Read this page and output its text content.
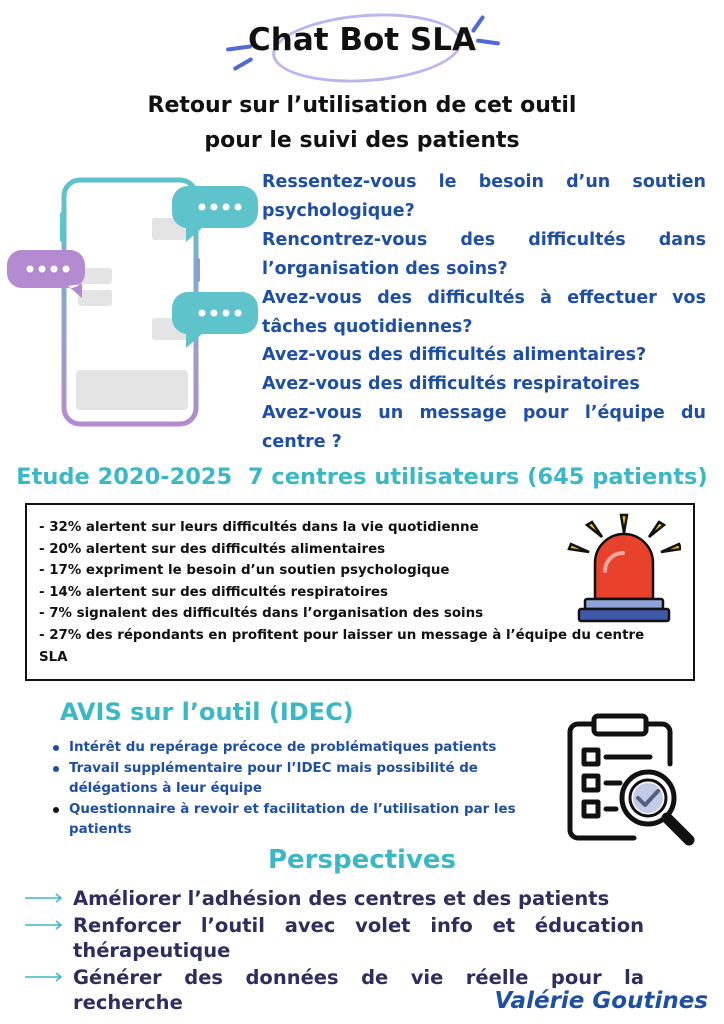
Chat Bot SLA
Retour sur l’utilisation de cet outil
pour le suivi des patients

Ressentez-vous le besoin d’un soutien psychologique?

Rencontrez-vous des difficultés dans l’organisation des soins?

Avez-vous des difficultés à effectuer vos tâches quotidiennes?

Avez-vous des difficultés alimentaires?

Avez-vous des difficultés respiratoires

Avez-vous un message pour l’équipe du centre ?

Etude 2020-2025  7 centres utilisateurs (645 patients)
- 32% alertent sur leurs difficultés dans la vie quotidienne
- 20% alertent sur des difficultés alimentaires
- 17% expriment le besoin d’un soutien psychologique
- 14% alertent sur des difficultés respiratoires
- 7% signalent des difficultés dans l’organisation des soins
- 27% des répondants en profitent pour laisser un message à l’équipe du centre SLA
AVIS sur l’outil (IDEC)
Intérêt du repérage précoce de problématiques patients
Travail supplémentaire pour l’IDEC mais possibilité de délégations à leur équipe
Questionnaire à revoir et facilitation de l’utilisation par les patients
Perspectives

Améliorer l’adhésion des centres et des patients

Renforcer l’outil avec volet info et éducation thérapeutique

Générer des données de vie réelle pour la recherche	Valérie Goutines
